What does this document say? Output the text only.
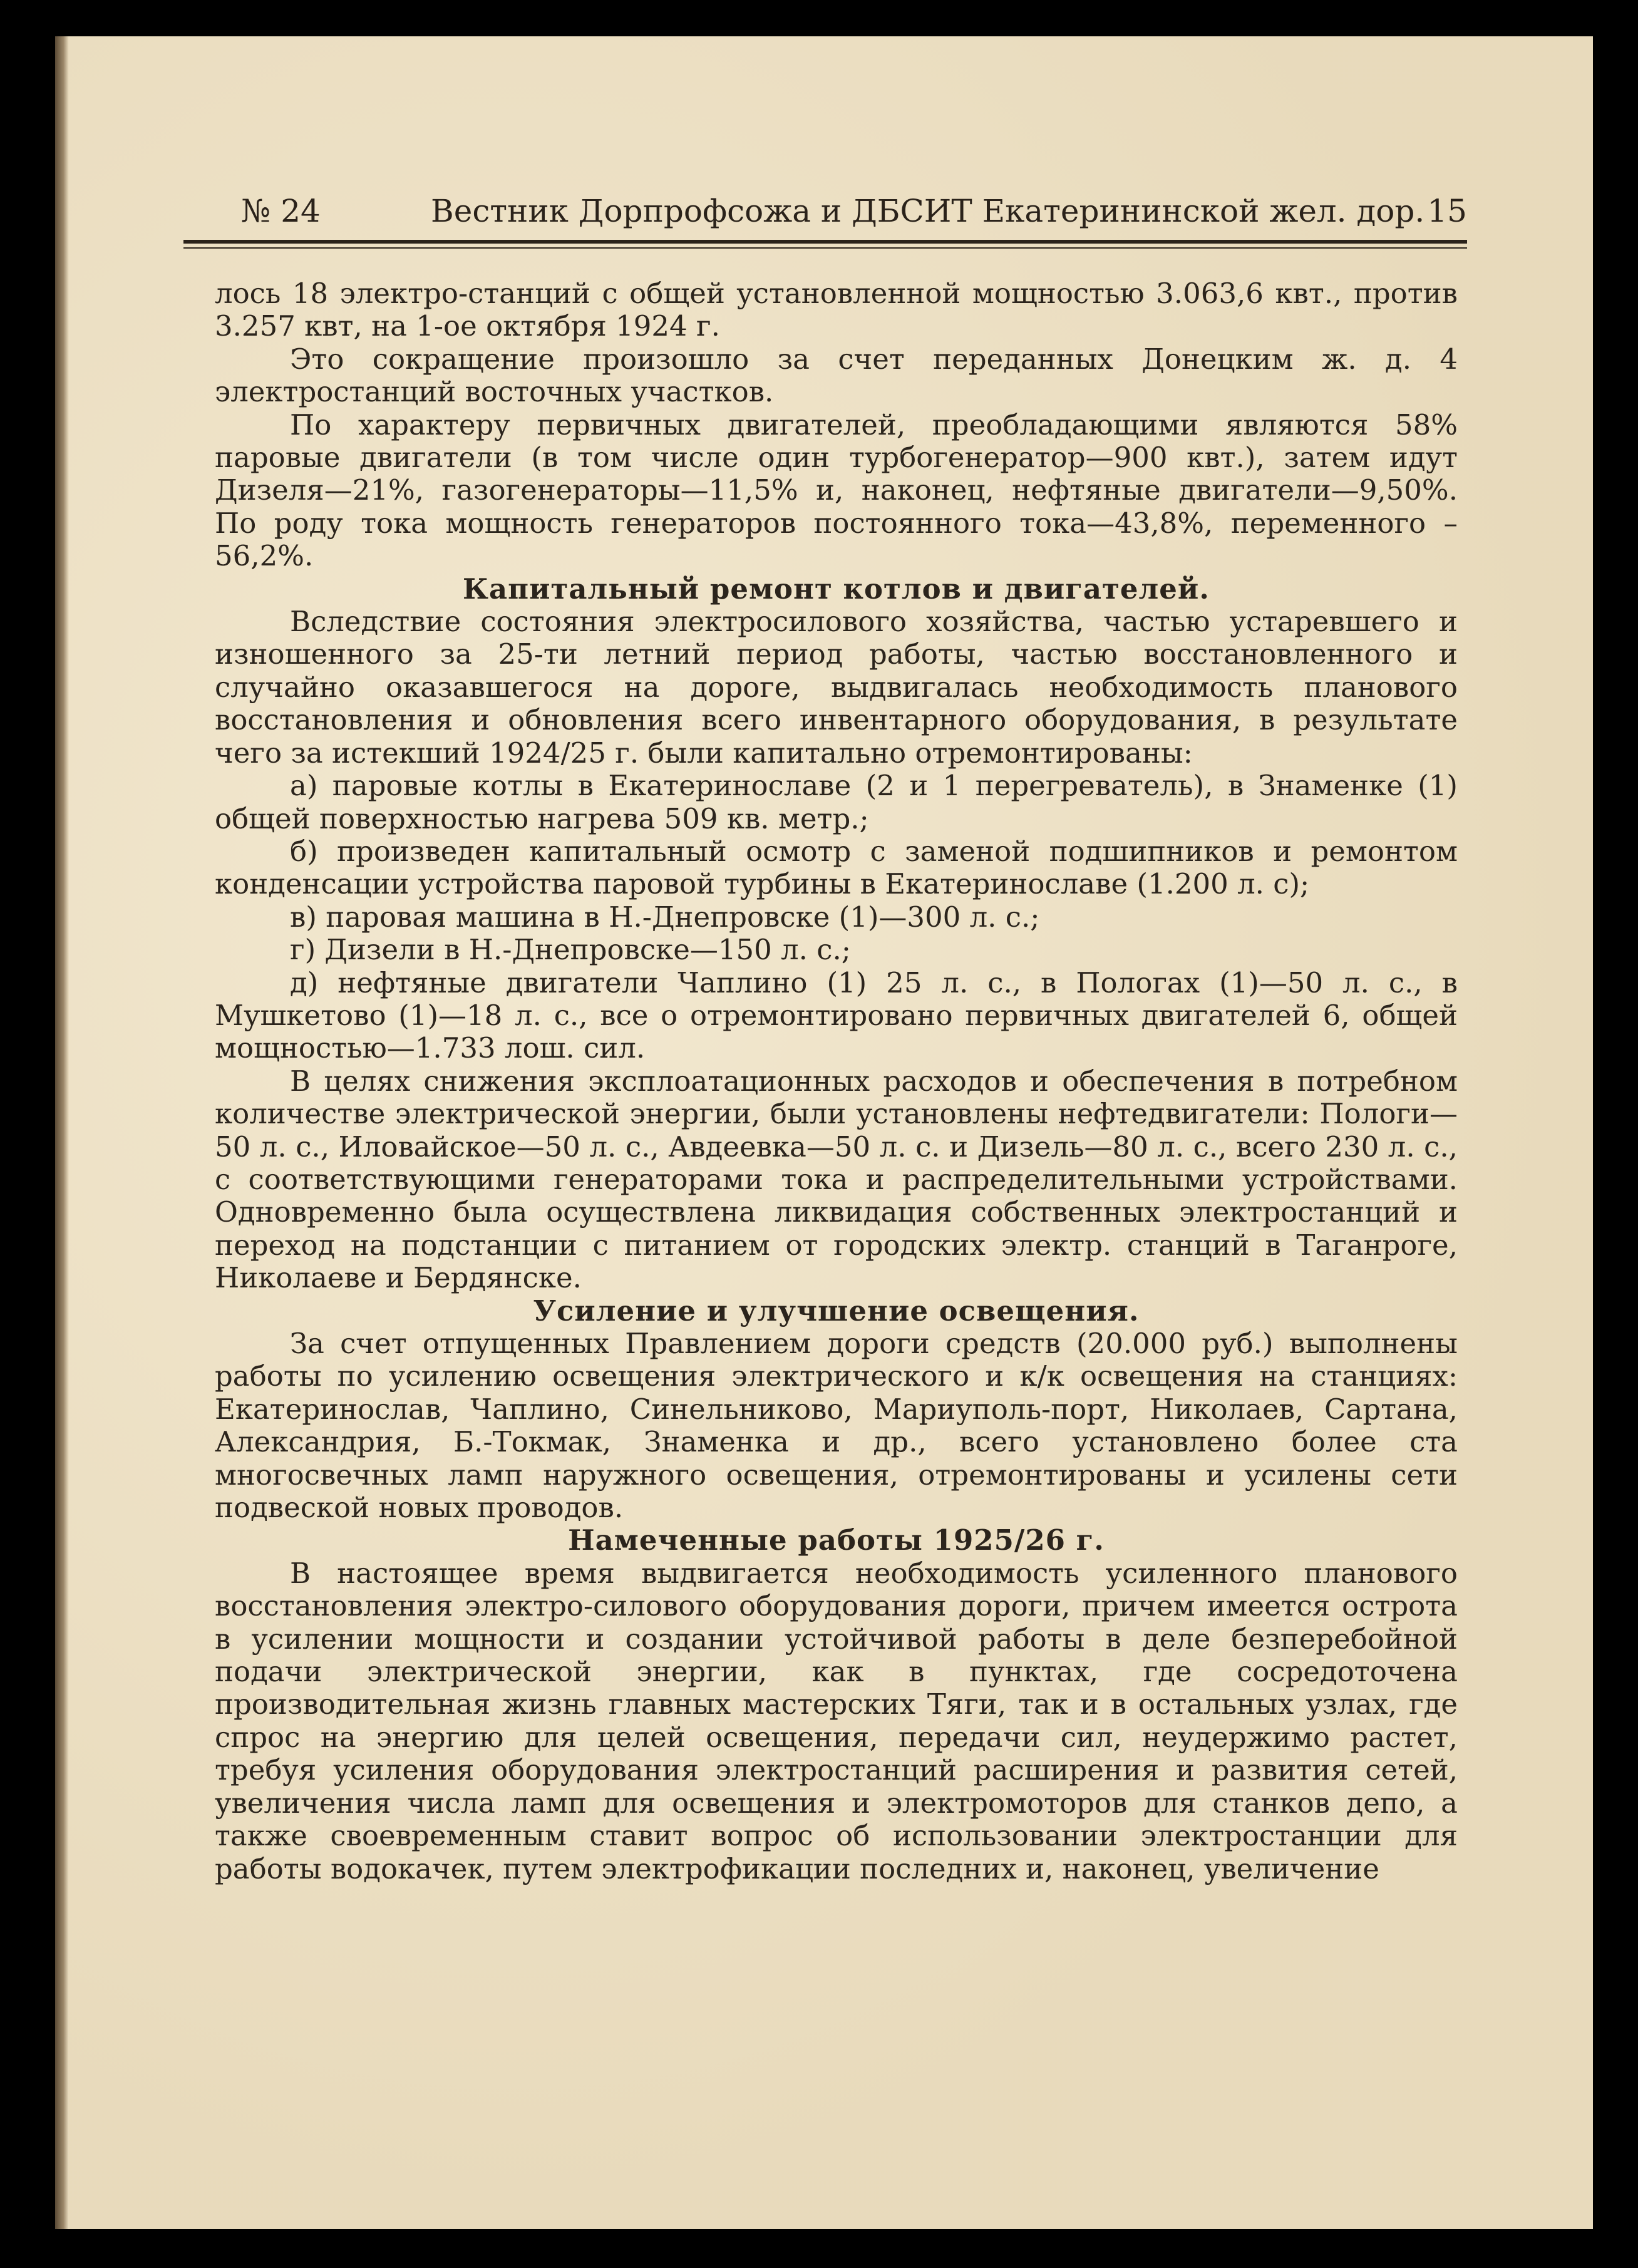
№ 24	Вестник Дорпрофсожа и ДБСИТ Екатерининской жел. дор. 15

лось 18 электро-станций с общей установленной мощностью 3.063,6 квт., против 3.257 квт, на 1-ое октября 1924 г.

Это сокращение произошло за счет переданных Донецким ж. д. 4 электростанций восточных участков.

По характеру первичных двигателей, преобладающими являются 58% паровые двигатели (в том числе один турбогенератор—900 квт.), затем идут Дизеля—21%, газогенераторы—11,5% и, наконец, нефтяные двигатели—9,50%. По роду тока мощность генераторов постоянного тока—43,8%, переменного – 56,2%.

Капитальный ремонт котлов и двигателей.

Вследствие состояния электросилового хозяйства, частью устаревшего и изношенного за 25-ти летний период работы, частью восстановленного и случайно оказавшегося на дороге, выдвигалась необходимость планового восстановления и обновления всего инвентарного оборудования, в результате чего за истекший 1924/25 г. были капитально отремонтированы:

а) паровые котлы в Екатеринославе (2 и 1 перегреватель), в Знаменке (1) общей поверхностью нагрева 509 кв. метр.;

б) произведен капитальный осмотр с заменой подшипников и ремонтом конденсации устройства паровой турбины в Екатеринославе (1.200 л. с);

в) паровая машина в Н.-Днепровске (1)—300 л. с.;

г) Дизели в Н.-Днепровске—150 л. с.;

д) нефтяные двигатели Чаплино (1) 25 л. с., в Пологах (1)—50 л. с., в Мушкетово (1)—18 л. с., все о отремонтировано первичных двигателей 6, общей мощностью—1.733 лош. сил.

В целях снижения эксплоатационных расходов и обеспечения в потребном количестве электрической энергии, были установлены нефтедвигатели: Пологи—50 л. с., Иловайское—50 л. с., Авдеевка—50 л. с. и Дизель—80 л. с., всего 230 л. с., с соответствующими генераторами тока и распределительными устройствами. Одновременно была осуществлена ликвидация собственных электростанций и переход на подстанции с питанием от городских электр. станций в Таганроге, Николаеве и Бердянске.

Усиление и улучшение освещения.

За счет отпущенных Правлением дороги средств (20.000 руб.) выполнены работы по усилению освещения электрического и к/к освещения на станциях: Екатеринослав, Чаплино, Синельниково, Мариуполь-порт, Николаев, Сартана, Александрия, Б.-Токмак, Знаменка и др., всего установлено более ста многосвечных ламп наружного освещения, отремонтированы и усилены сети подвеской новых проводов.

Намеченные работы 1925/26 г.

В настоящее время выдвигается необходимость усиленного планового восстановления электро-силового оборудования дороги, причем имеется острота в усилении мощности и создании устойчивой работы в деле безперебойной подачи электрической энергии, как в пунктах, где сосредоточена производительная жизнь главных мастерских Тяги, так и в остальных узлах, где спрос на энергию для целей освещения, передачи сил, неудержимо растет, требуя усиления оборудования электростанций расширения и развития сетей, увеличения числа ламп для освещения и электромоторов для станков депо, а также своевременным ставит вопрос об использовании электростанции для работы водокачек, путем электрофикации последних и, наконец, увеличение
